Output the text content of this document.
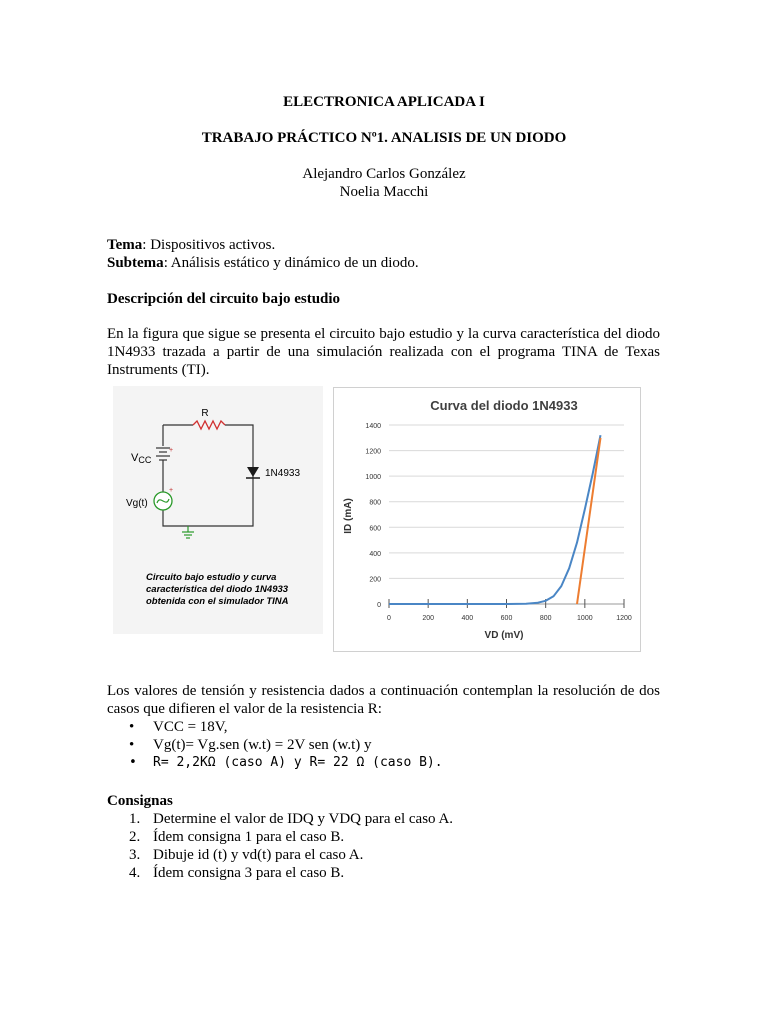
ELECTRONICA APLICADA I
TRABAJO PRÁCTICO Nº1. ANALISIS DE UN DIODO
Alejandro Carlos González
Noelia Macchi
Tema: Dispositivos activos.
Subtema: Análisis estático y dinámico de un diodo.
Descripción del circuito bajo estudio
En la figura que sigue se presenta el circuito bajo estudio y la curva característica del diodo
1N4933 trazada a partir de una simulación realizada con el programa TINA de Texas
Instruments (TI).
R
+
VCC
+
Vg(t)
1N4933
Circuito bajo estudio y curva
característica del diodo 1N4933
obtenida con el simulador TINA
Curva del diodo 1N4933
0
200
400
600
800
1000
1200
1400
0	200	400	600	800	1000	1200
VD (mV)
ID (mA)
Los valores de tensión y resistencia dados a continuación contemplan la resolución de dos
casos que difieren el valor de la resistencia R:
• VCC = 18V,
• Vg(t)= Vg.sen (w.t) = 2V sen (w.t) y
• R= 2,2KΩ (caso A) y R= 22 Ω (caso B).
Consignas
1. Determine el valor de IDQ y VDQ para el caso A.
2. Ídem consigna 1 para el caso B.
3. Dibuje id (t) y vd(t) para el caso A.
4. Ídem consigna 3 para el caso B.
